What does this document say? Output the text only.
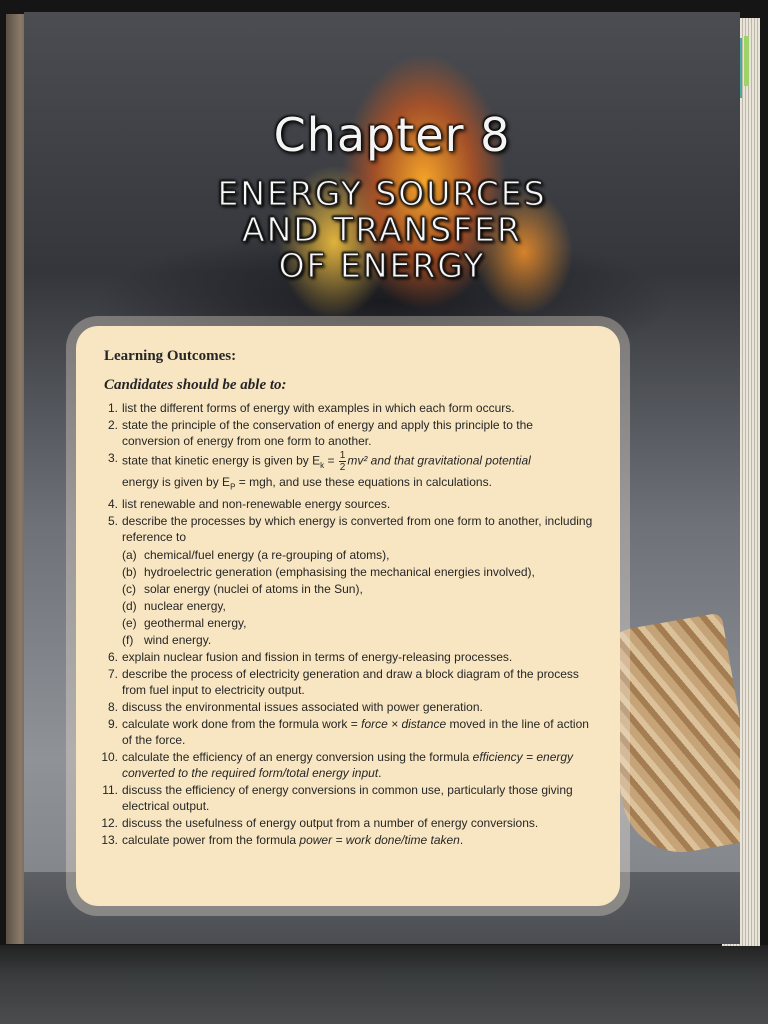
Chapter 8
ENERGY SOURCES
AND TRANSFER
OF ENERGY
Learning Outcomes:
Candidates should be able to:
1. list the different forms of energy with examples in which each form occurs.
2. state the principle of the conservation of energy and apply this principle to the conversion of energy from one form to another.
3. state that kinetic energy is given by $E_k = \frac{1}{2} mv^2$ and that gravitational potential
energy is given by $E_P$ = mgh, and use these equations in calculations.
4. list renewable and non-renewable energy sources.
5. describe the processes by which energy is converted from one form to another, including reference to
(a) chemical/fuel energy (a re-grouping of atoms),
(b) hydroelectric generation (emphasising the mechanical energies involved),
(c) solar energy (nuclei of atoms in the Sun),
(d) nuclear energy,
(e) geothermal energy,
(f) wind energy.
6. explain nuclear fusion and fission in terms of energy-releasing processes.
7. describe the process of electricity generation and draw a block diagram of the process from fuel input to electricity output.
8. discuss the environmental issues associated with power generation.
9. calculate work done from the formula work = force × distance moved in the line of action of the force.
10. calculate the efficiency of an energy conversion using the formula efficiency = energy converted to the required form/total energy input.
11. discuss the efficiency of energy conversions in common use, particularly those giving electrical output.
12. discuss the usefulness of energy output from a number of energy conversions.
13. calculate power from the formula power = work done/time taken.
